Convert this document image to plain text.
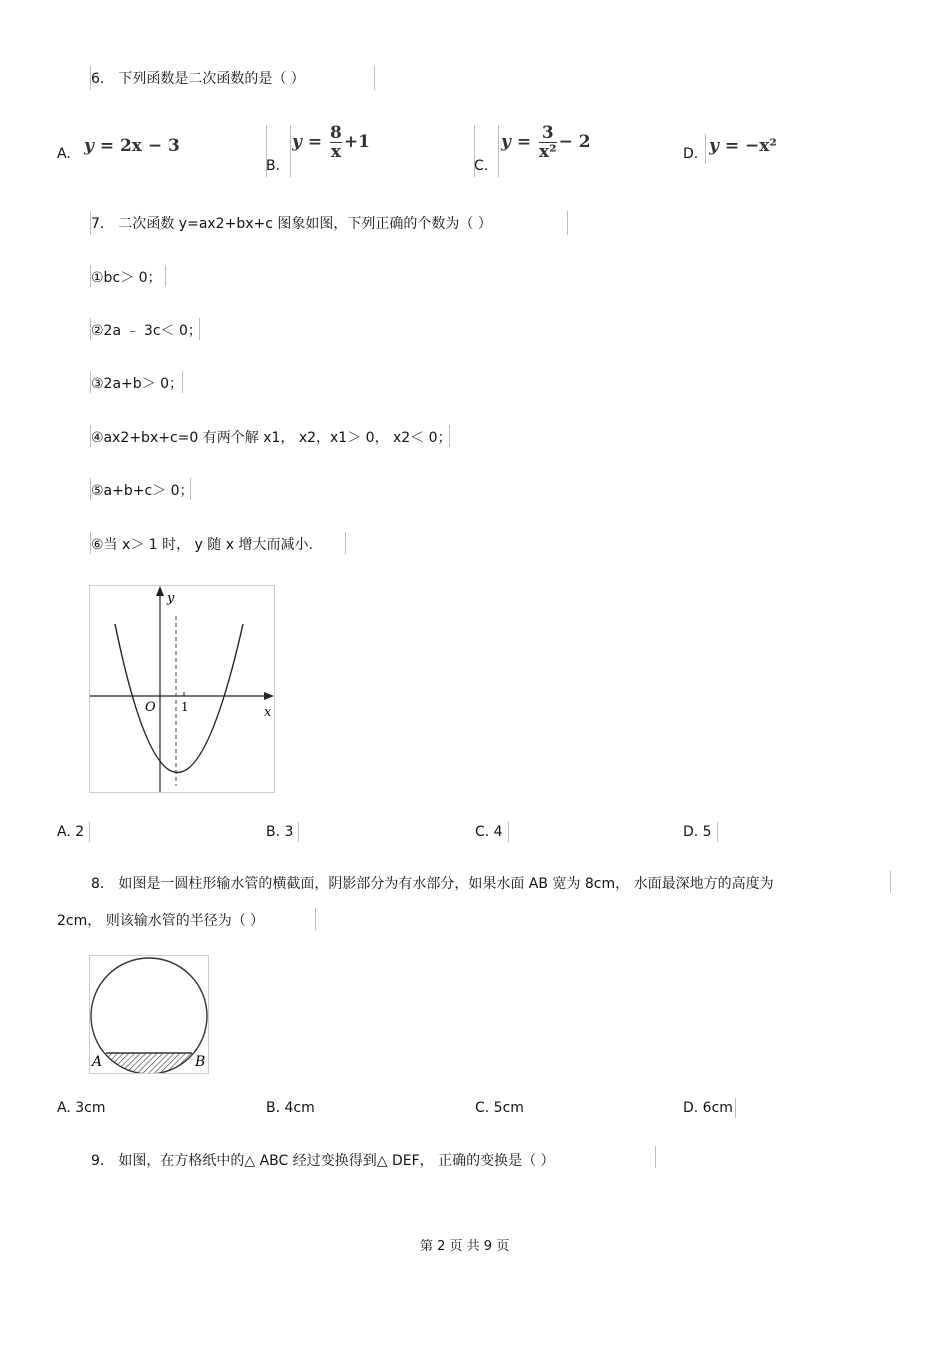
6． 下列函数是二次函数的是（ ）
A. y = 2x − 3
B.
$y = \frac{8}{x} +1$
C.
$y = \frac{3}{\text{x²}} - 2$
D. y = −x²
7． 二次函数 y=ax2+bx+c 图象如图，下列正确的个数为（ ）
①bc＞ 0；
②2a ﹣ 3c＜ 0；
③2a+b＞ 0；
④ax2+bx+c=0 有两个解 x1， x2，x1＞ 0， x2＜ 0；
⑤a+b+c＞ 0；
⑥当 x＞ 1 时， y 随 x 增大而减小.
y
x
O 1
A. 2	B. 3	C. 4	D. 5
8． 如图是一圆柱形输水管的横截面，阴影部分为有水部分，如果水面 AB 宽为 8cm， 水面最深地方的高度为
2cm， 则该输水管的半径为（ ）
A	B
A. 3cm	B. 4cm	C. 5cm	D. 6cm
9． 如图，在方格纸中的△ ABC 经过变换得到△ DEF， 正确的变换是（ ）
第 2 页 共 9 页
